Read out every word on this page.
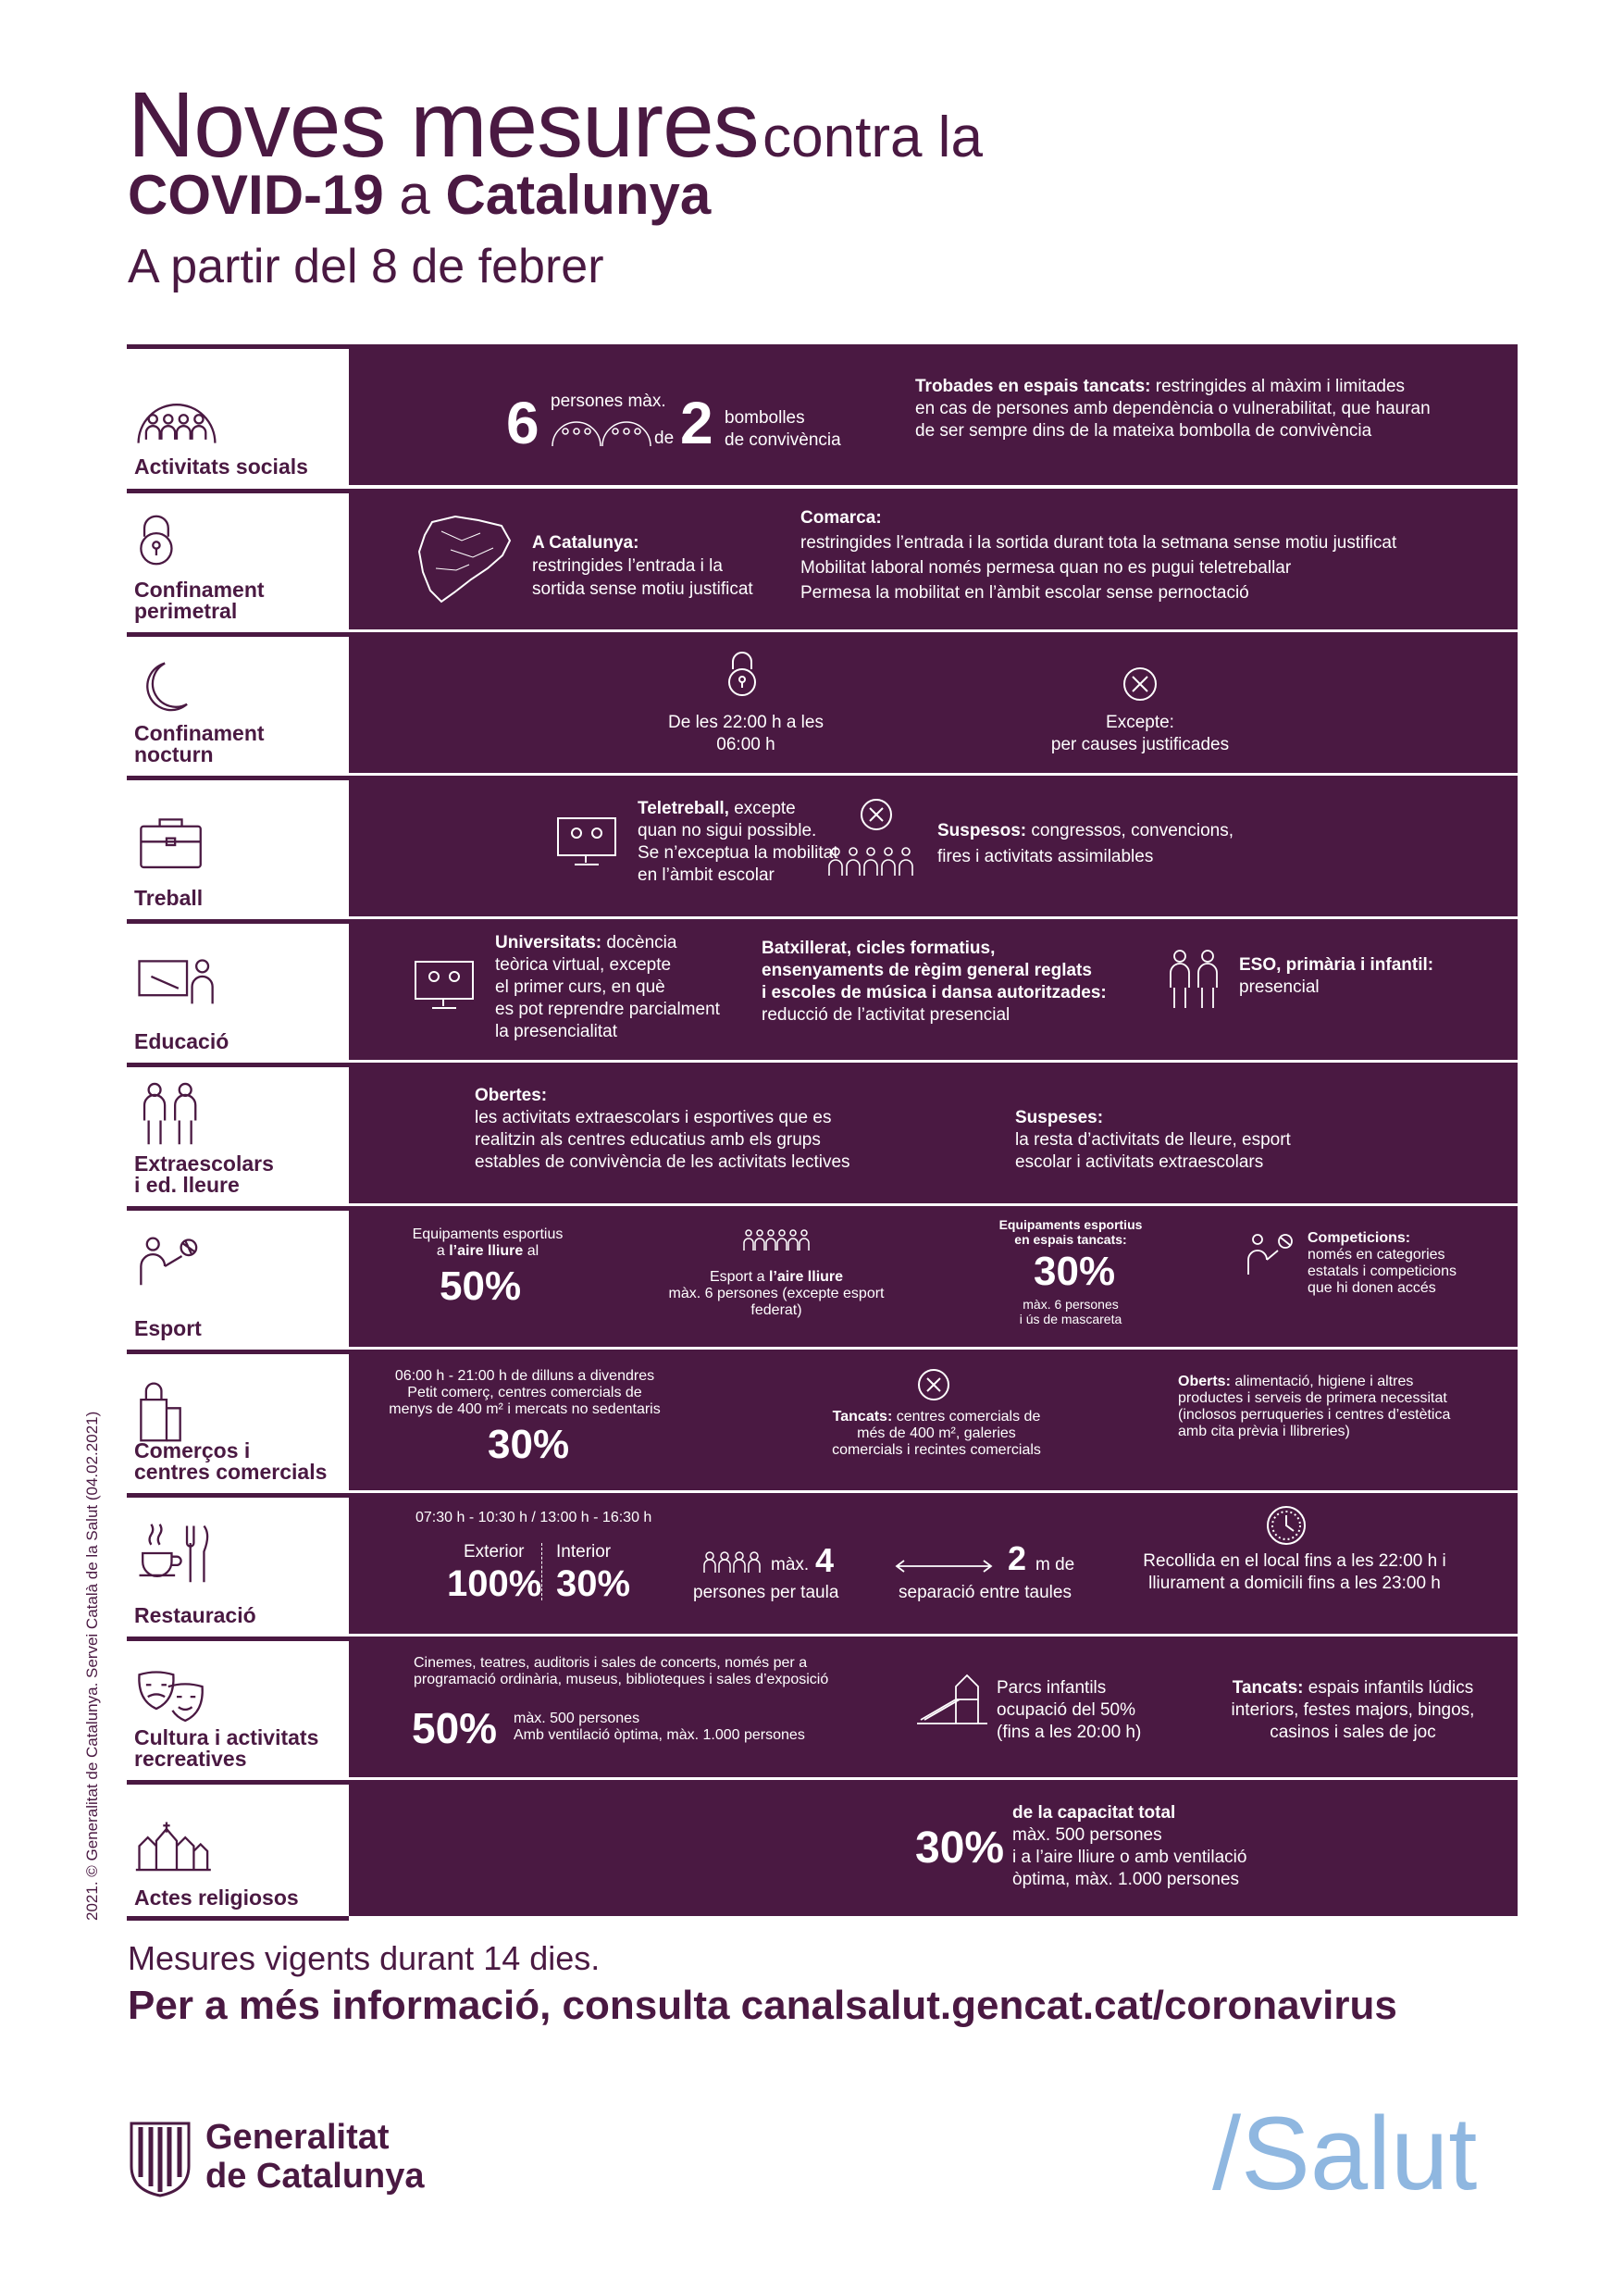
Noves mesures contra la
COVID-19 a Catalunya
A partir del 8 de febrer
Activitats socials
6 persones màx.
de 2 bombolles
de convivència
Trobades en espais tancats: restringides al màxim i limitades
en cas de persones amb dependència o vulnerabilitat, que hauran
de ser sempre dins de la mateixa bombolla de convivència
Confinament
perimetral
A Catalunya:
restringides l’entrada i la
sortida sense motiu justificat
Comarca:
restringides l’entrada i la sortida durant tota la setmana sense motiu justificat
Mobilitat laboral només permesa quan no es pugui teletreballar
Permesa la mobilitat en l’àmbit escolar sense pernoctació
Confinament
nocturn
De les 22:00 h a les
06:00 h
Excepte:
per causes justificades
Treball
Teletreball, excepte
quan no sigui possible.
Se n’exceptua la mobilitat
en l’àmbit escolar
Suspesos: congressos, convencions,
fires i activitats assimilables
Educació
Universitats: docència
teòrica virtual, excepte
el primer curs, en què
es pot reprendre parcialment
la presencialitat
Batxillerat, cicles formatius,
ensenyaments de règim general reglats
i escoles de música i dansa autoritzades:
reducció de l’activitat presencial
ESO, primària i infantil:
presencial
Extraescolars
i ed. lleure
Obertes:
les activitats extraescolars i esportives que es
realitzin als centres educatius amb els grups
estables de convivència de les activitats lectives
Suspeses:
la resta d’activitats de lleure, esport
escolar i activitats extraescolars
Esport
Equipaments esportius
a l’aire lliure al
50%	Esport a l’aire lliure
màx. 6 persones (excepte esport
federat)
Equipaments esportius
en espais tancats:
30%
màx. 6 persones
i ús de mascareta
Competicions:
només en categories
estatals i competicions
que hi donen accés
Comerços i
centres comercials
06:00 h - 21:00 h de dilluns a divendres
Petit comerç, centres comercials de
menys de 400 m² i mercats no sedentaris
30%
Tancats: centres comercials de
més de 400 m², galeries
comercials i recintes comercials
Oberts: alimentació, higiene i altres
productes i serveis de primera necessitat
(inclosos perruqueries i centres d’estètica
amb cita prèvia i llibreries)
Restauració
07:30 h - 10:30 h / 13:00 h - 16:30 h
Exterior
100%
Interior
30%	màx. 4
persones per taula
2 m de
separació entre taules
Recollida en el local fins a les 22:00 h i
lliurament a domicili fins a les 23:00 h
Cultura i activitats
recreatives
Cinemes, teatres, auditoris i sales de concerts, només per a
programació ordinària, museus, biblioteques i sales d’exposició
50% màx. 500 persones
Amb ventilació òptima, màx. 1.000 persones
Parcs infantils
ocupació del 50%
(fins a les 20:00 h)
Tancats: espais infantils lúdics
interiors, festes majors, bingos,
casinos i sales de joc
Actes religiosos
30%
de la capacitat total
màx. 500 persones
i a l’aire lliure o amb ventilació
òptima, màx. 1.000 persones
2021. © Generalitat de Catalunya. Servei Català de la Salut (04.02.2021)
Mesures vigents durant 14 dies.
Per a més informació, consulta canalsalut.gencat.cat/coronavirus
Generalitat
de Catalunya	/Salut
